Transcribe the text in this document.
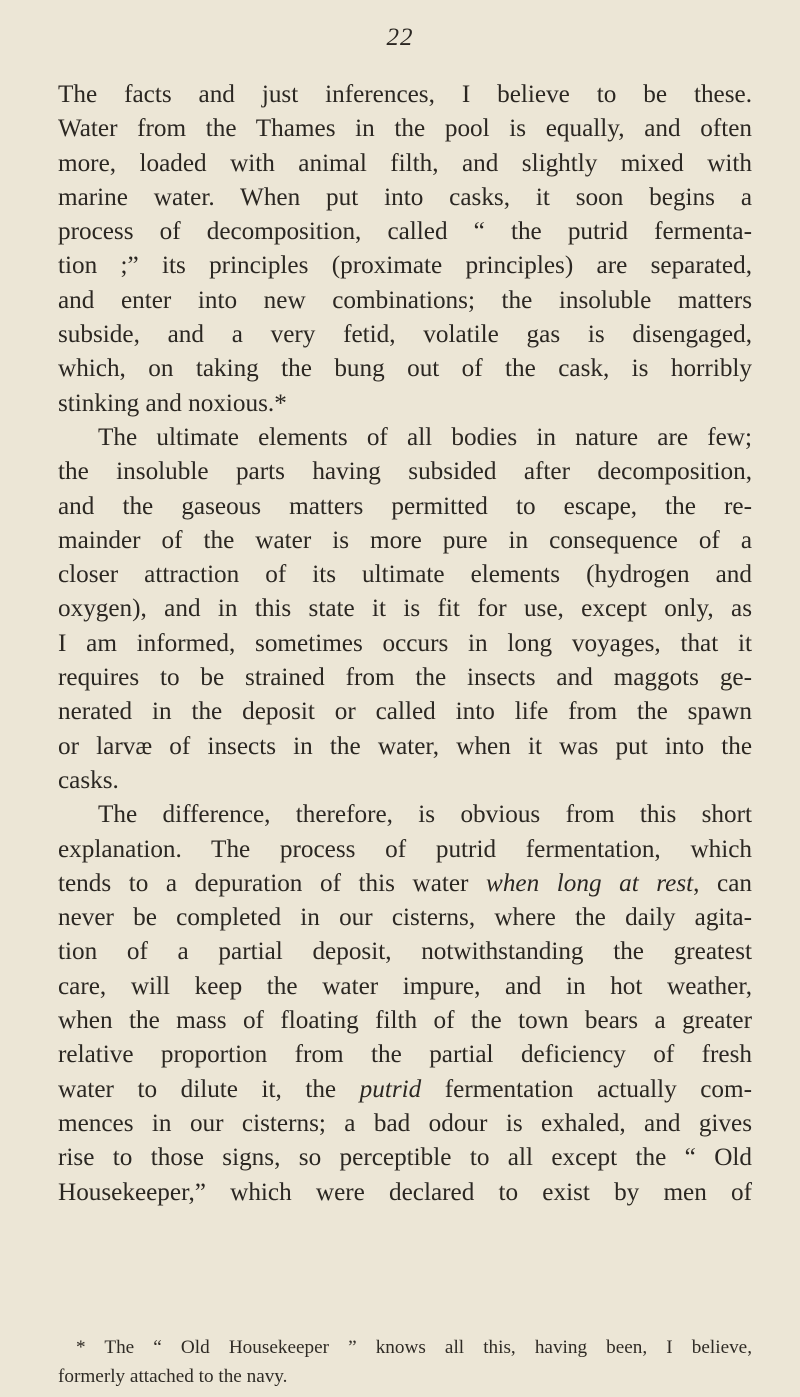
22

The facts and just inferences, I believe to be these.
Water from the Thames in the pool is equally, and often
more, loaded with animal filth, and slightly mixed with
marine water. When put into casks, it soon begins a
process of decomposition, called “ the putrid fermenta-
tion ;” its principles (proximate principles) are separated,
and enter into new combinations; the insoluble matters
subside, and a very fetid, volatile gas is disengaged,
which, on taking the bung out of the cask, is horribly
stinking and noxious.*

The ultimate elements of all bodies in nature are few;
the insoluble parts having subsided after decomposition,
and the gaseous matters permitted to escape, the re-
mainder of the water is more pure in consequence of a
closer attraction of its ultimate elements (hydrogen and
oxygen), and in this state it is fit for use, except only, as
I am informed, sometimes occurs in long voyages, that it
requires to be strained from the insects and maggots ge-
nerated in the deposit or called into life from the spawn
or larvæ of insects in the water, when it was put into the
casks.

The difference, therefore, is obvious from this short
explanation. The process of putrid fermentation, which
tends to a depuration of this water when long at rest, can
never be completed in our cisterns, where the daily agita-
tion of a partial deposit, notwithstanding the greatest
care, will keep the water impure, and in hot weather,
when the mass of floating filth of the town bears a greater
relative proportion from the partial deficiency of fresh
water to dilute it, the putrid fermentation actually com-
mences in our cisterns; a bad odour is exhaled, and gives
rise to those signs, so perceptible to all except the “ Old
Housekeeper,” which were declared to exist by men of

* The “ Old Housekeeper ” knows all this, having been, I believe,
formerly attached to the navy.
